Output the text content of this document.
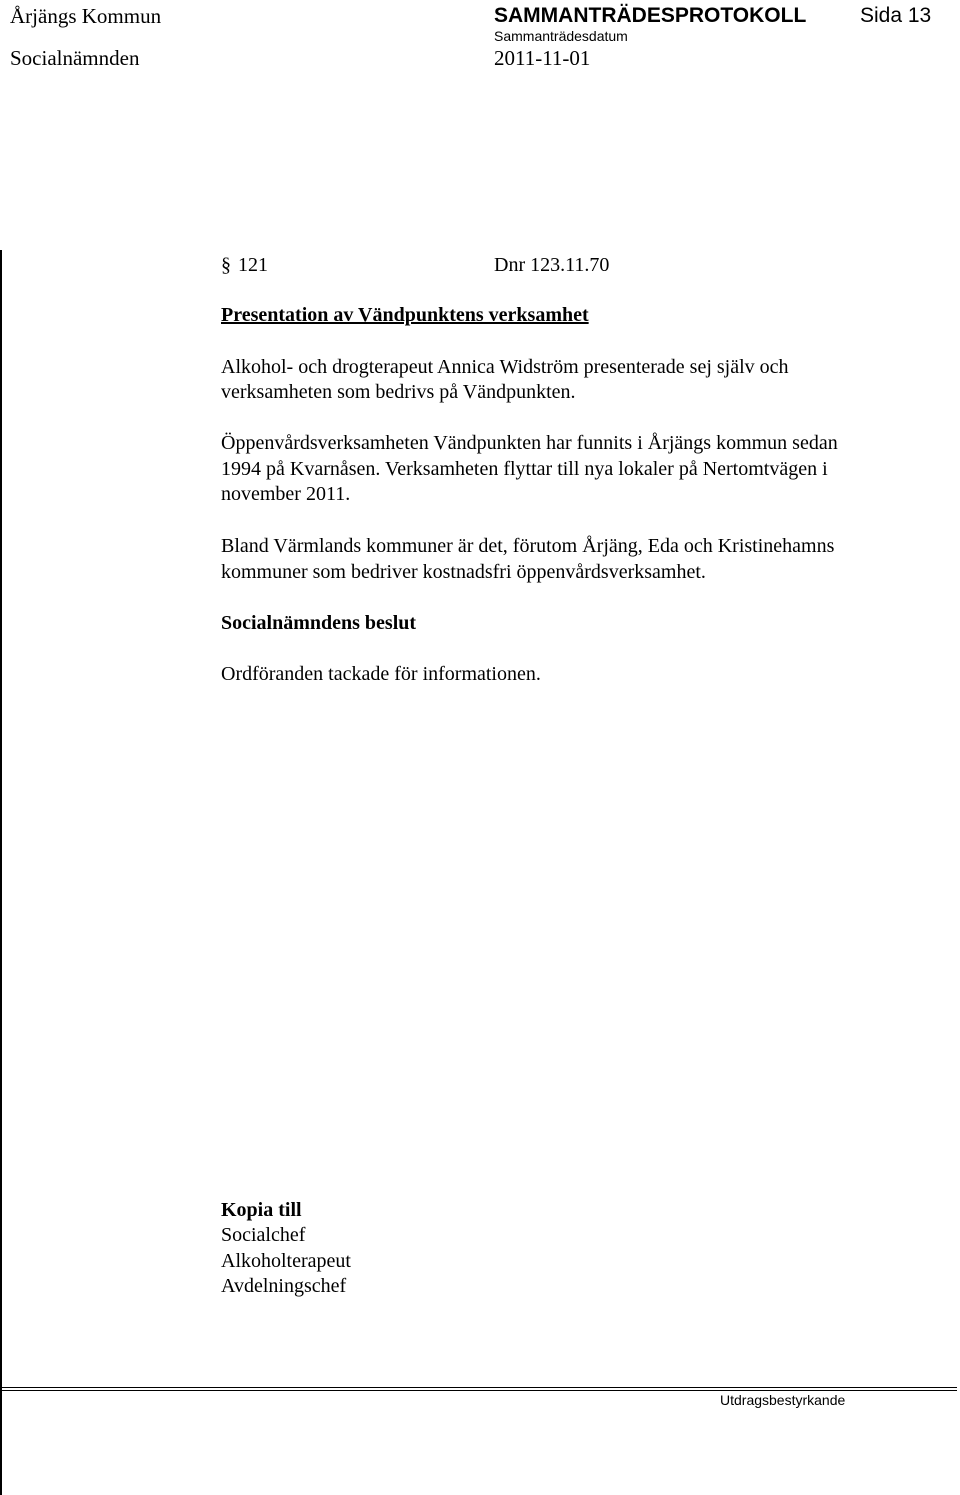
Årjängs Kommun	SAMMANTRÄDESPROTOKOLL	Sida 13
Socialnämnden
Sammanträdesdatum
2011-11-01
§ 121	Dnr 123.11.70
Presentation av Vändpunktens verksamhet
Alkohol- och drogterapeut Annica Widström presenterade sej själv och
verksamheten som bedrivs på Vändpunkten.
Öppenvårdsverksamheten Vändpunkten har funnits i Årjängs kommun sedan
1994 på Kvarnåsen. Verksamheten flyttar till nya lokaler på Nertomtvägen i
november 2011.
Bland Värmlands kommuner är det, förutom Årjäng, Eda och Kristinehamns
kommuner som bedriver kostnadsfri öppenvårdsverksamhet.
Socialnämndens beslut
Ordföranden tackade för informationen.
Kopia till
Socialchef
Alkoholterapeut
Avdelningschef
Utdragsbestyrkande
